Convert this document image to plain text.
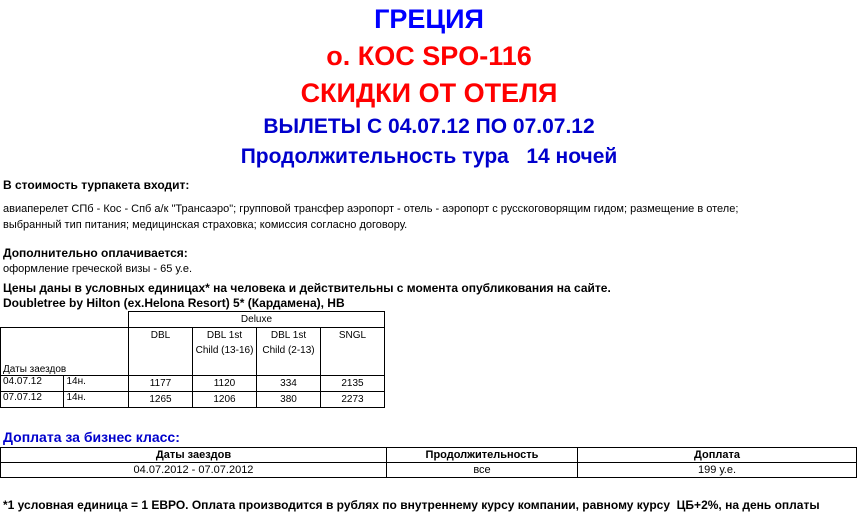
ГРЕЦИЯ
о. КОС SPO-116
СКИДКИ ОТ ОТЕЛЯ
ВЫЛЕТЫ С 04.07.12 ПО 07.07.12
Продолжительность тура   14 ночей
В стоимость турпакета входит:
авиаперелет СПб - Кос - Спб а/к "Трансаэро"; групповой трансфер аэропорт - отель - аэропорт с русскоговорящим гидом; размещение в отеле;
выбранный тип питания; медицинская страховка; комиссия согласно договору.
Дополнительно оплачивается:
оформление греческой визы - 65 у.е.
Цены даны в условных единицах* на человека и действительны с момента опубликования на сайте.
Doubletree by Hilton (ex.Helona Resort) 5* (Кардамена), HB
		Deluxe			
Даты заездов		DBL	DBL 1st Child (13-16)	DBL 1st Child (2-13)	SNGL
04.07.12	14н.	1177	1120	334	2135
07.07.12	14н.	1265	1206	380	2273
Доплата за бизнес класс:
Даты заездов	Продолжительность	Доплата
04.07.2012 - 07.07.2012	все	199 у.е.
*1 условная единица = 1 ЕВРО. Оплата производится в рублях по внутреннему курсу компании, равному курсу  ЦБ+2%, на день оплаты
